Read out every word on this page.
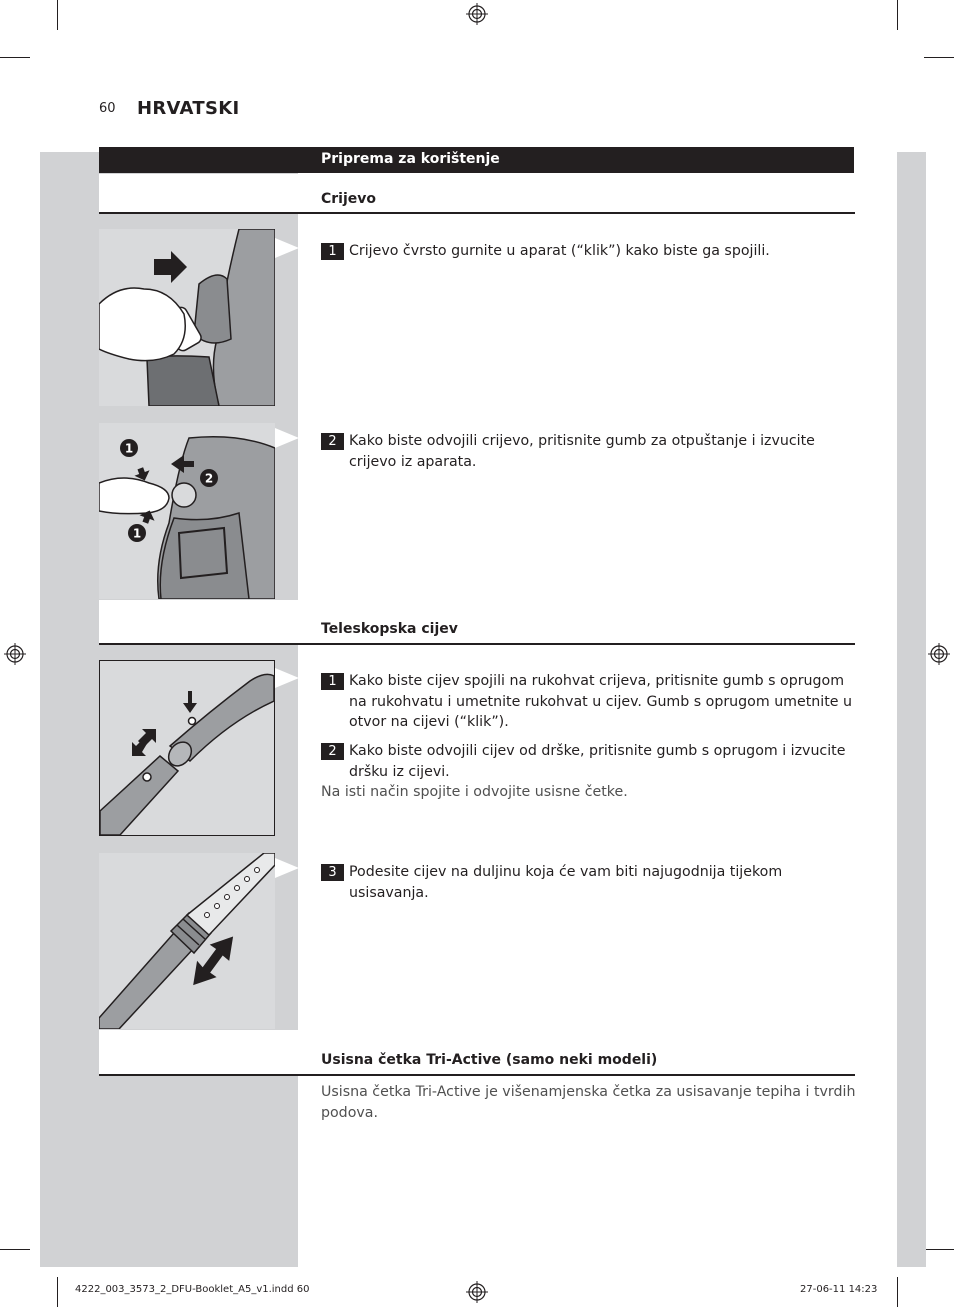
60 HRVATSKI
Priprema za korištenje
Crijevo
1 Crijevo čvrsto gurnite u aparat (“klik”) kako biste ga spojili.
1
2
1
2 Kako biste odvojili crijevo, pritisnite gumb za otpuštanje i izvucite crijevo iz aparata.
Teleskopska cijev
1 Kako biste cijev spojili na rukohvat crijeva, pritisnite gumb s oprugom na rukohvatu i umetnite rukohvat u cijev. Gumb s oprugom umetnite u otvor na cijevi (“klik”).
2 Kako biste odvojili cijev od drške, pritisnite gumb s oprugom i izvucite dršku iz cijevi.
Na isti način spojite i odvojite usisne četke.
3 Podesite cijev na duljinu koja će vam biti najugodnija tijekom usisavanja.
Usisna četka Tri-Active (samo neki modeli)
Usisna četka Tri-Active je višenamjenska četka za usisavanje tepiha i tvrdih podova.
4222_003_3573_2_DFU-Booklet_A5_v1.indd 60	27-06-11 14:23
